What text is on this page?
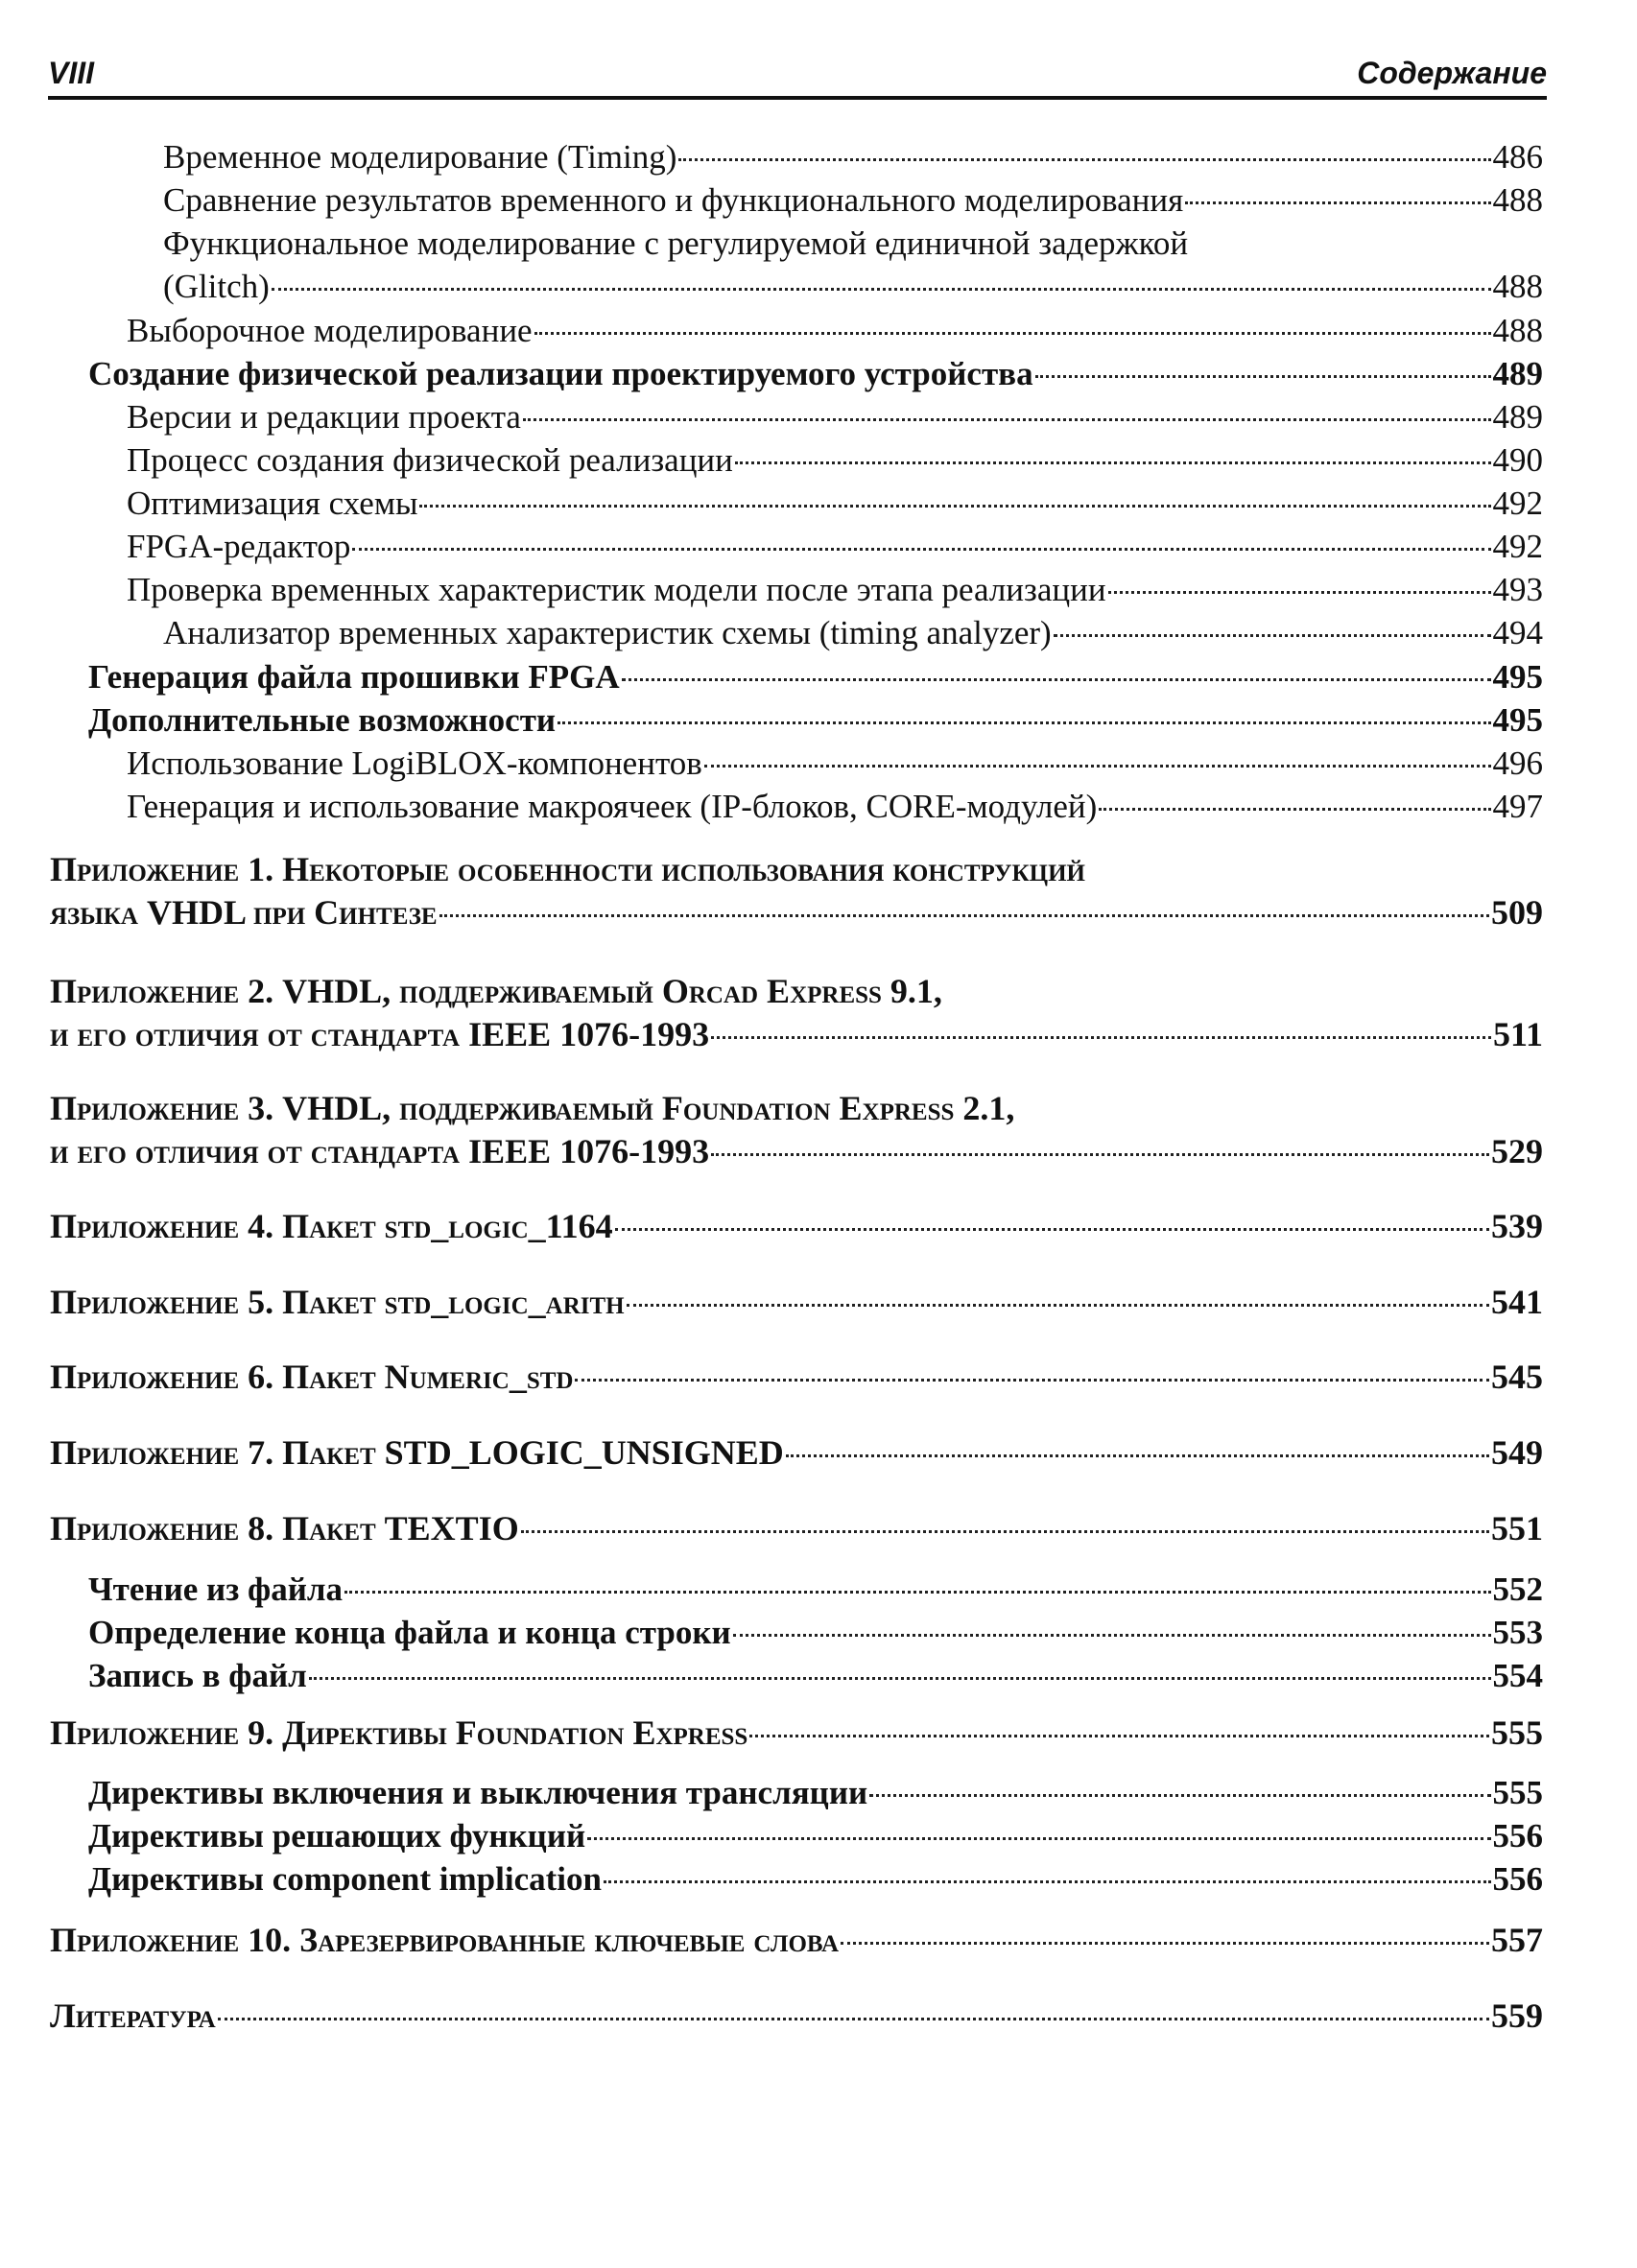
VIII	Содержание
Временное моделирование (Timing)	486
Сравнение результатов временного и функционального моделирования	488
Функциональное моделирование с регулируемой единичной задержкой
(Glitch)	488
Выборочное моделирование	488
Создание физической реализации проектируемого устройства	489
Версии и редакции проекта	489
Процесс создания физической реализации	490
Оптимизация схемы	492
FPGA-редактор	492
Проверка временных характеристик модели после этапа реализации	493
Анализатор временных характеристик схемы (timing analyzer)	494
Генерация файла прошивки FPGA	495
Дополнительные возможности	495
Использование LogiBLOX-компонентов	496
Генерация и использование макроячеек (IP-блоков, CORE-модулей)	497
Приложение 1. Некоторые особенности использования конструкций
языка VHDL при Синтезе	509
Приложение 2. VHDL, поддерживаемый Orcad Express 9.1,
и его отличия от стандарта IEEE 1076-1993	511
Приложение 3. VHDL, поддерживаемый Foundation Express 2.1,
и его отличия от стандарта IEEE 1076-1993	529
Приложение 4. Пакет std_logic_1164	539
Приложение 5. Пакет std_logic_arith	541
Приложение 6. Пакет Numeric_std	545
Приложение 7. Пакет STD_LOGIC_UNSIGNED	549
Приложение 8. Пакет TEXTIO	551
Чтение из файла	552
Определение конца файла и конца строки	553
Запись в файл	554
Приложение 9. Директивы Foundation Express	555
Директивы включения и выключения трансляции	555
Директивы решающих функций	556
Директивы component implication	556
Приложение 10. Зарезервированные ключевые слова	557
Литература	559
